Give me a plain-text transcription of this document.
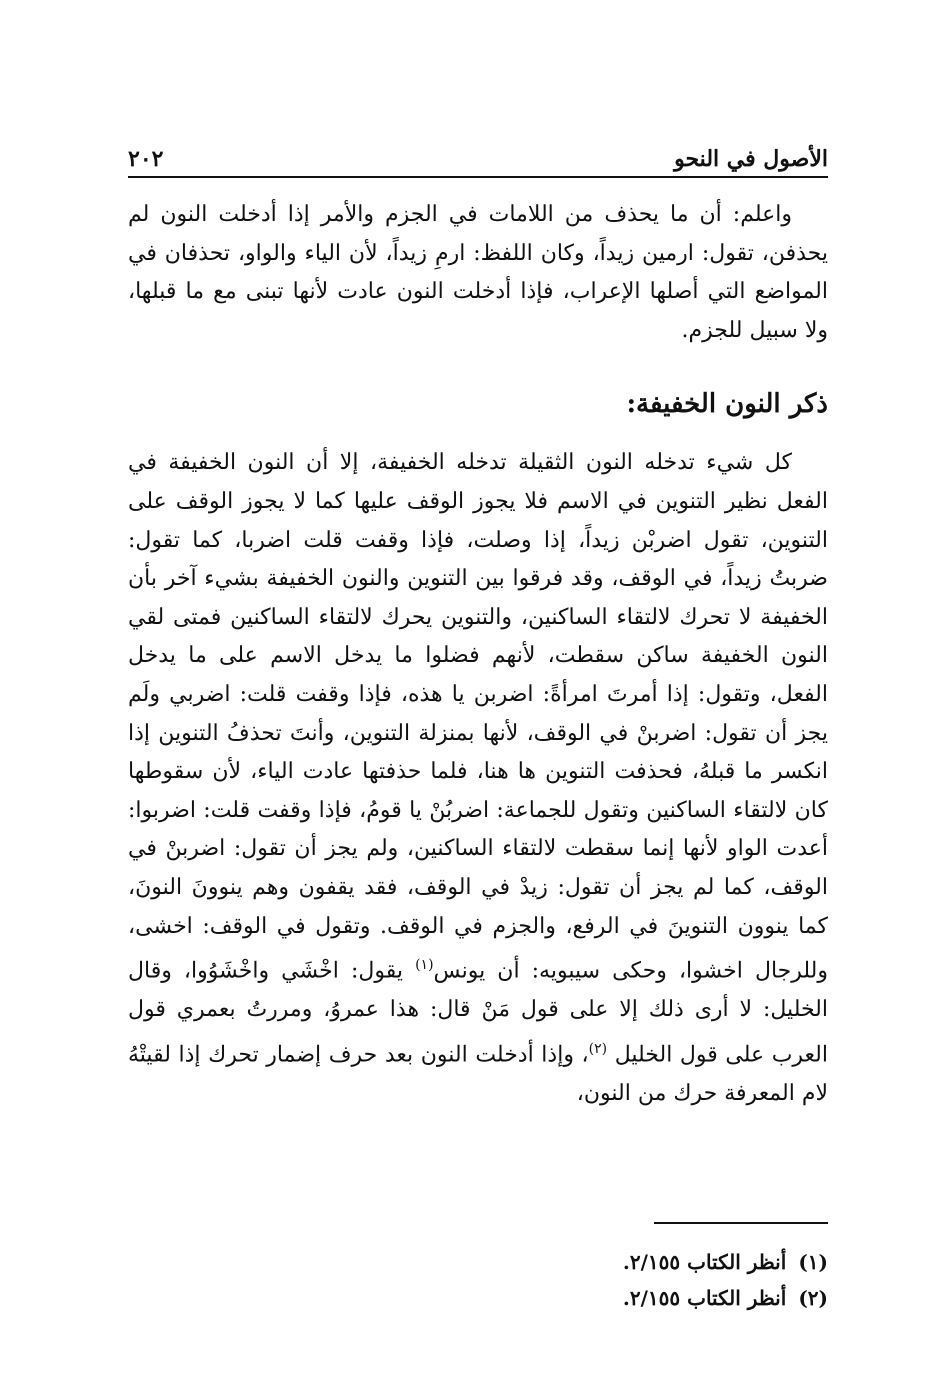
الأصول في النحو
٢٠٢

واعلم: أن ما يحذف من اللامات في الجزم والأمر إذا أدخلت النون لم يحذفن، تقول: ارمين زيداً، وكان اللفظ: ارمِ زيداً، لأن الياء والواو، تحذفان في المواضع التي أصلها الإعراب، فإذا أدخلت النون عادت لأنها تبنى مع ما قبلها، ولا سبيل للجزم.

ذكر النون الخفيفة:

كل شيء تدخله النون الثقيلة تدخله الخفيفة، إلا أن النون الخفيفة في الفعل نظير التنوين في الاسم فلا يجوز الوقف عليها كما لا يجوز الوقف على التنوين، تقول اضربْن زيداً، إذا وصلت، فإذا وقفت قلت اضربا، كما تقول: ضربتُ زيداً، في الوقف، وقد فرقوا بين التنوين والنون الخفيفة بشيء آخر بأن الخفيفة لا تحرك لالتقاء الساكنين، والتنوين يحرك لالتقاء الساكنين فمتى لقي النون الخفيفة ساكن سقطت، لأنهم فضلوا ما يدخل الاسم على ما يدخل الفعل، وتقول: إذا أمرتَ امرأةً: اضربن يا هذه، فإذا وقفت قلت: اضربي ولَم يجز أن تقول: اضربنْ في الوقف، لأنها بمنزلة التنوين، وأنتَ تحذفُ التنوين إذا انكسر ما قبلهُ، فحذفت التنوين ها هنا، فلما حذفتها عادت الياء، لأن سقوطها كان لالتقاء الساكنين وتقول للجماعة: اضربُنْ يا قومُ، فإذا وقفت قلت: اضربوا: أعدت الواو لأنها إنما سقطت لالتقاء الساكنين، ولم يجز أن تقول: اضربنْ في الوقف، كما لم يجز أن تقول: زيدْ في الوقف، فقد يقفون وهم ينوونَ النونَ، كما ينوون التنوينَ في الرفع، والجزم في الوقف. وتقول في الوقف: اخشى، وللرجال اخشوا، وحكى سيبويه: أن يونس$^{(١)}$ يقول: اخْشَي واخْشَوُوا، وقال الخليل: لا أرى ذلك إلا على قول مَنْ قال: هذا عمروُ، ومررتُ بعمري قول العرب على قول الخليل $^{(٢)}$، وإذا أدخلت النون بعد حرف إضمار تحرك إذا لقيتْهُ لام المعرفة حرك من النون،

(١)
أنظر الكتاب ٢/١٥٥.
(٢)
أنظر الكتاب ٢/١٥٥.
